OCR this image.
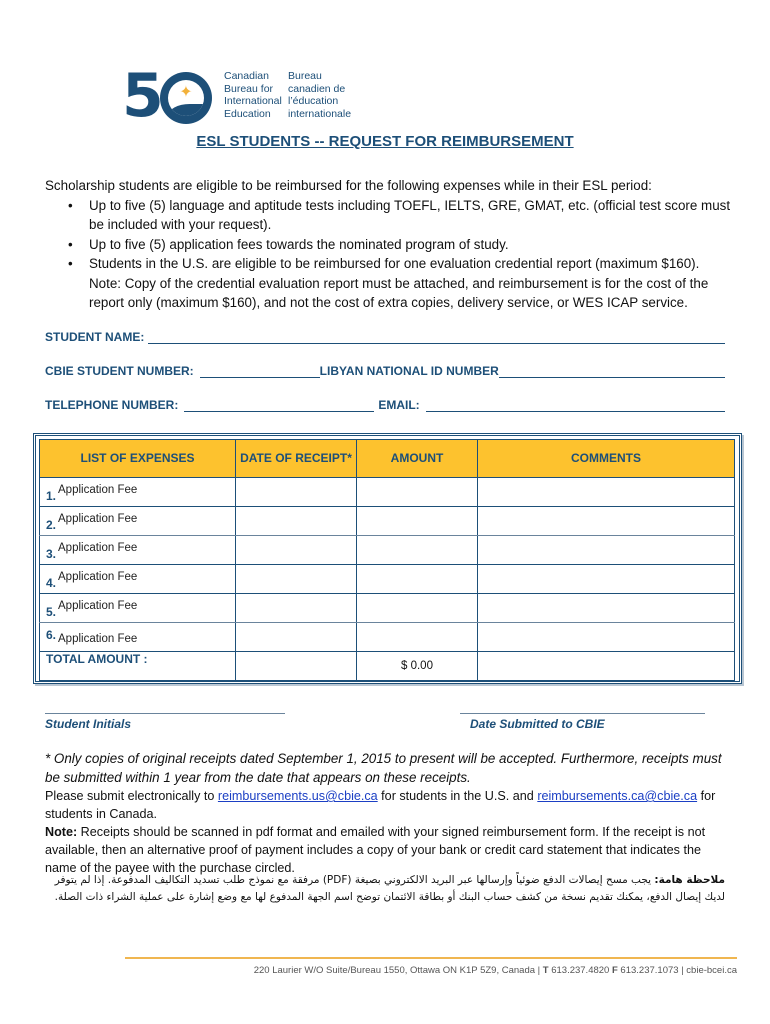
5 ✦
Canadian
Bureau for
International
Education
Bureau
canadien de
l’éducation
internationale
ESL STUDENTS -- REQUEST FOR REIMBURSEMENT
Scholarship students are eligible to be reimbursed for the following expenses while in their ESL period:
• Up to five (5) language and aptitude tests including TOEFL, IELTS, GRE, GMAT, etc. (official test score must be included with your request).
• Up to five (5) application fees towards the nominated program of study.
• Students in the U.S. are eligible to be reimbursed for one evaluation credential report (maximum $160). Note: Copy of the credential evaluation report must be attached, and reimbursement is for the cost of the report only (maximum $160), and not the cost of extra copies, delivery service, or WES ICAP service.
STUDENT NAME:
CBIE STUDENT NUMBER:	LIBYAN NATIONAL ID NUMBER
TELEPHONE NUMBER:	EMAIL:
LIST OF EXPENSES	DATE OF RECEIPT*	AMOUNT	COMMENTS
1. Application Fee			
2. Application Fee			
3. Application Fee			
4. Application Fee			
5. Application Fee			
6. Application Fee			
TOTAL AMOUNT :		$ 0.00	
Student Initials	Date Submitted to CBIE
* Only copies of original receipts dated September 1, 2015 to present will be accepted. Furthermore, receipts must be submitted within 1 year from the date that appears on these receipts.
Please submit electronically to reimbursements.us@cbie.ca for students in the U.S. and reimbursements.ca@cbie.ca for students in Canada.
Note: Receipts should be scanned in pdf format and emailed with your signed reimbursement form. If the receipt is not available, then an alternative proof of payment includes a copy of your bank or credit card statement that indicates the name of the payee with the purchase circled.
ملاحظة هامة: يجب مسح إيصالات الدفع ضوئياً وإرسالها عبر البريد الالكتروني بصيغة (PDF) مرفقة مع نموذج طلب تسديد التكاليف المدفوعة. إذا لم يتوفر لديك إيصال الدفع، يمكنك تقديم نسخة من كشف حساب البنك أو بطاقة الائتمان توضح اسم الجهة المدفوع لها مع وضع إشارة على عملية الشراء ذات الصلة.
220 Laurier W/O Suite/Bureau 1550, Ottawa ON K1P 5Z9, Canada | T 613.237.4820 F 613.237.1073 | cbie-bcei.ca
